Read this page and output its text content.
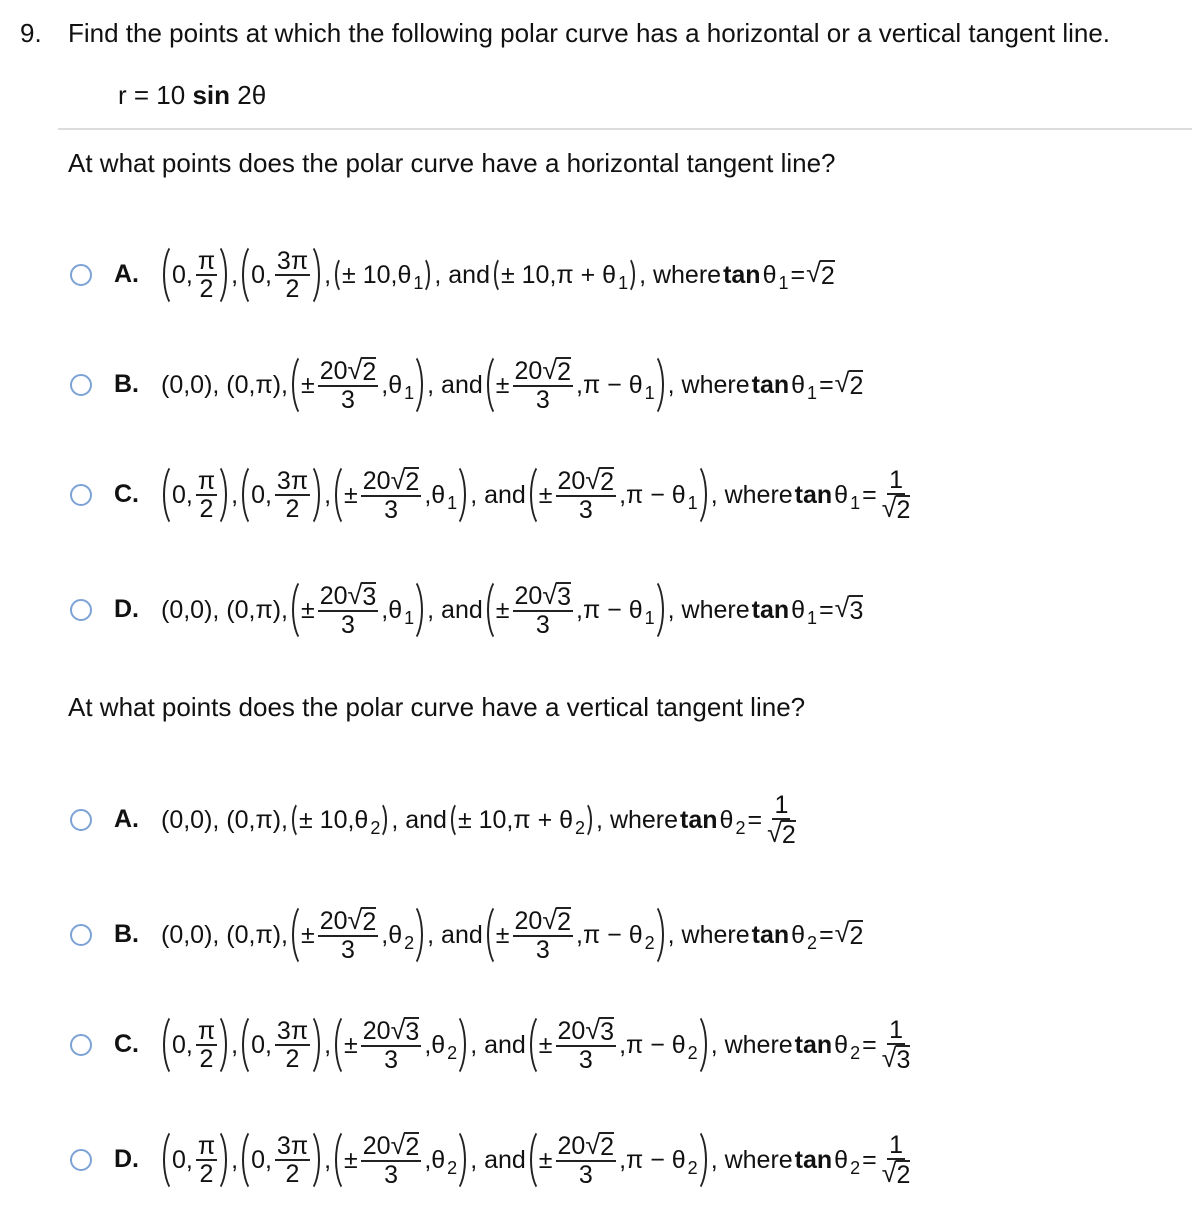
9. Find the points at which the following polar curve has a horizontal or a vertical tangent line.
r = 10 sin 2θ
At what points does the polar curve have a horizontal tangent line?
A. 0, $\frac{\pi}{2}$ , 0, $\frac{3\pi}{2}$ , ± 10,θ 1 , and ± 10,π + θ 1 , where tan θ 1 = √ 2
B. (0,0), (0,π), ± $\frac{20 √ 2}{3} ,\theta$ 1 , and ± $\frac{20 √ 2}{3} ,\pi - \theta$ 1 , where tan θ 1 = √ 2
C. 0, $\frac{\pi}{2}$ , 0, $\frac{3\pi}{2}$ , ± $\frac{20 √ 2}{3} ,\theta$ 1 , and ± $\frac{20 √ 2}{3} ,\pi - \theta$ 1 , where tan θ $1 = \frac{1}{√ 2}$
D. (0,0), (0,π), ± $\frac{20 √ 3}{3} ,\theta$ 1 , and ± $\frac{20 √ 3}{3} ,\pi - \theta$ 1 , where tan θ 1 = √ 3
At what points does the polar curve have a vertical tangent line?
A. (0,0), (0,π), ± 10,θ 2 , and ± 10,π + θ 2 , where tan θ $2 = \frac{1}{√ 2}$
B. (0,0), (0,π), ± $\frac{20 √ 2}{3} ,\theta$ 2 , and ± $\frac{20 √ 2}{3} ,\pi - \theta$ 2 , where tan θ 2 = √ 2
C. 0, $\frac{\pi}{2}$ , 0, $\frac{3\pi}{2}$ , ± $\frac{20 √ 3}{3} ,\theta$ 2 , and ± $\frac{20 √ 3}{3} ,\pi - \theta$ 2 , where tan θ $2 = \frac{1}{√ 3}$
D. 0, $\frac{\pi}{2}$ , 0, $\frac{3\pi}{2}$ , ± $\frac{20 √ 2}{3} ,\theta$ 2 , and ± $\frac{20 √ 2}{3} ,\pi - \theta$ 2 , where tan θ $2 = \frac{1}{√ 2}$
